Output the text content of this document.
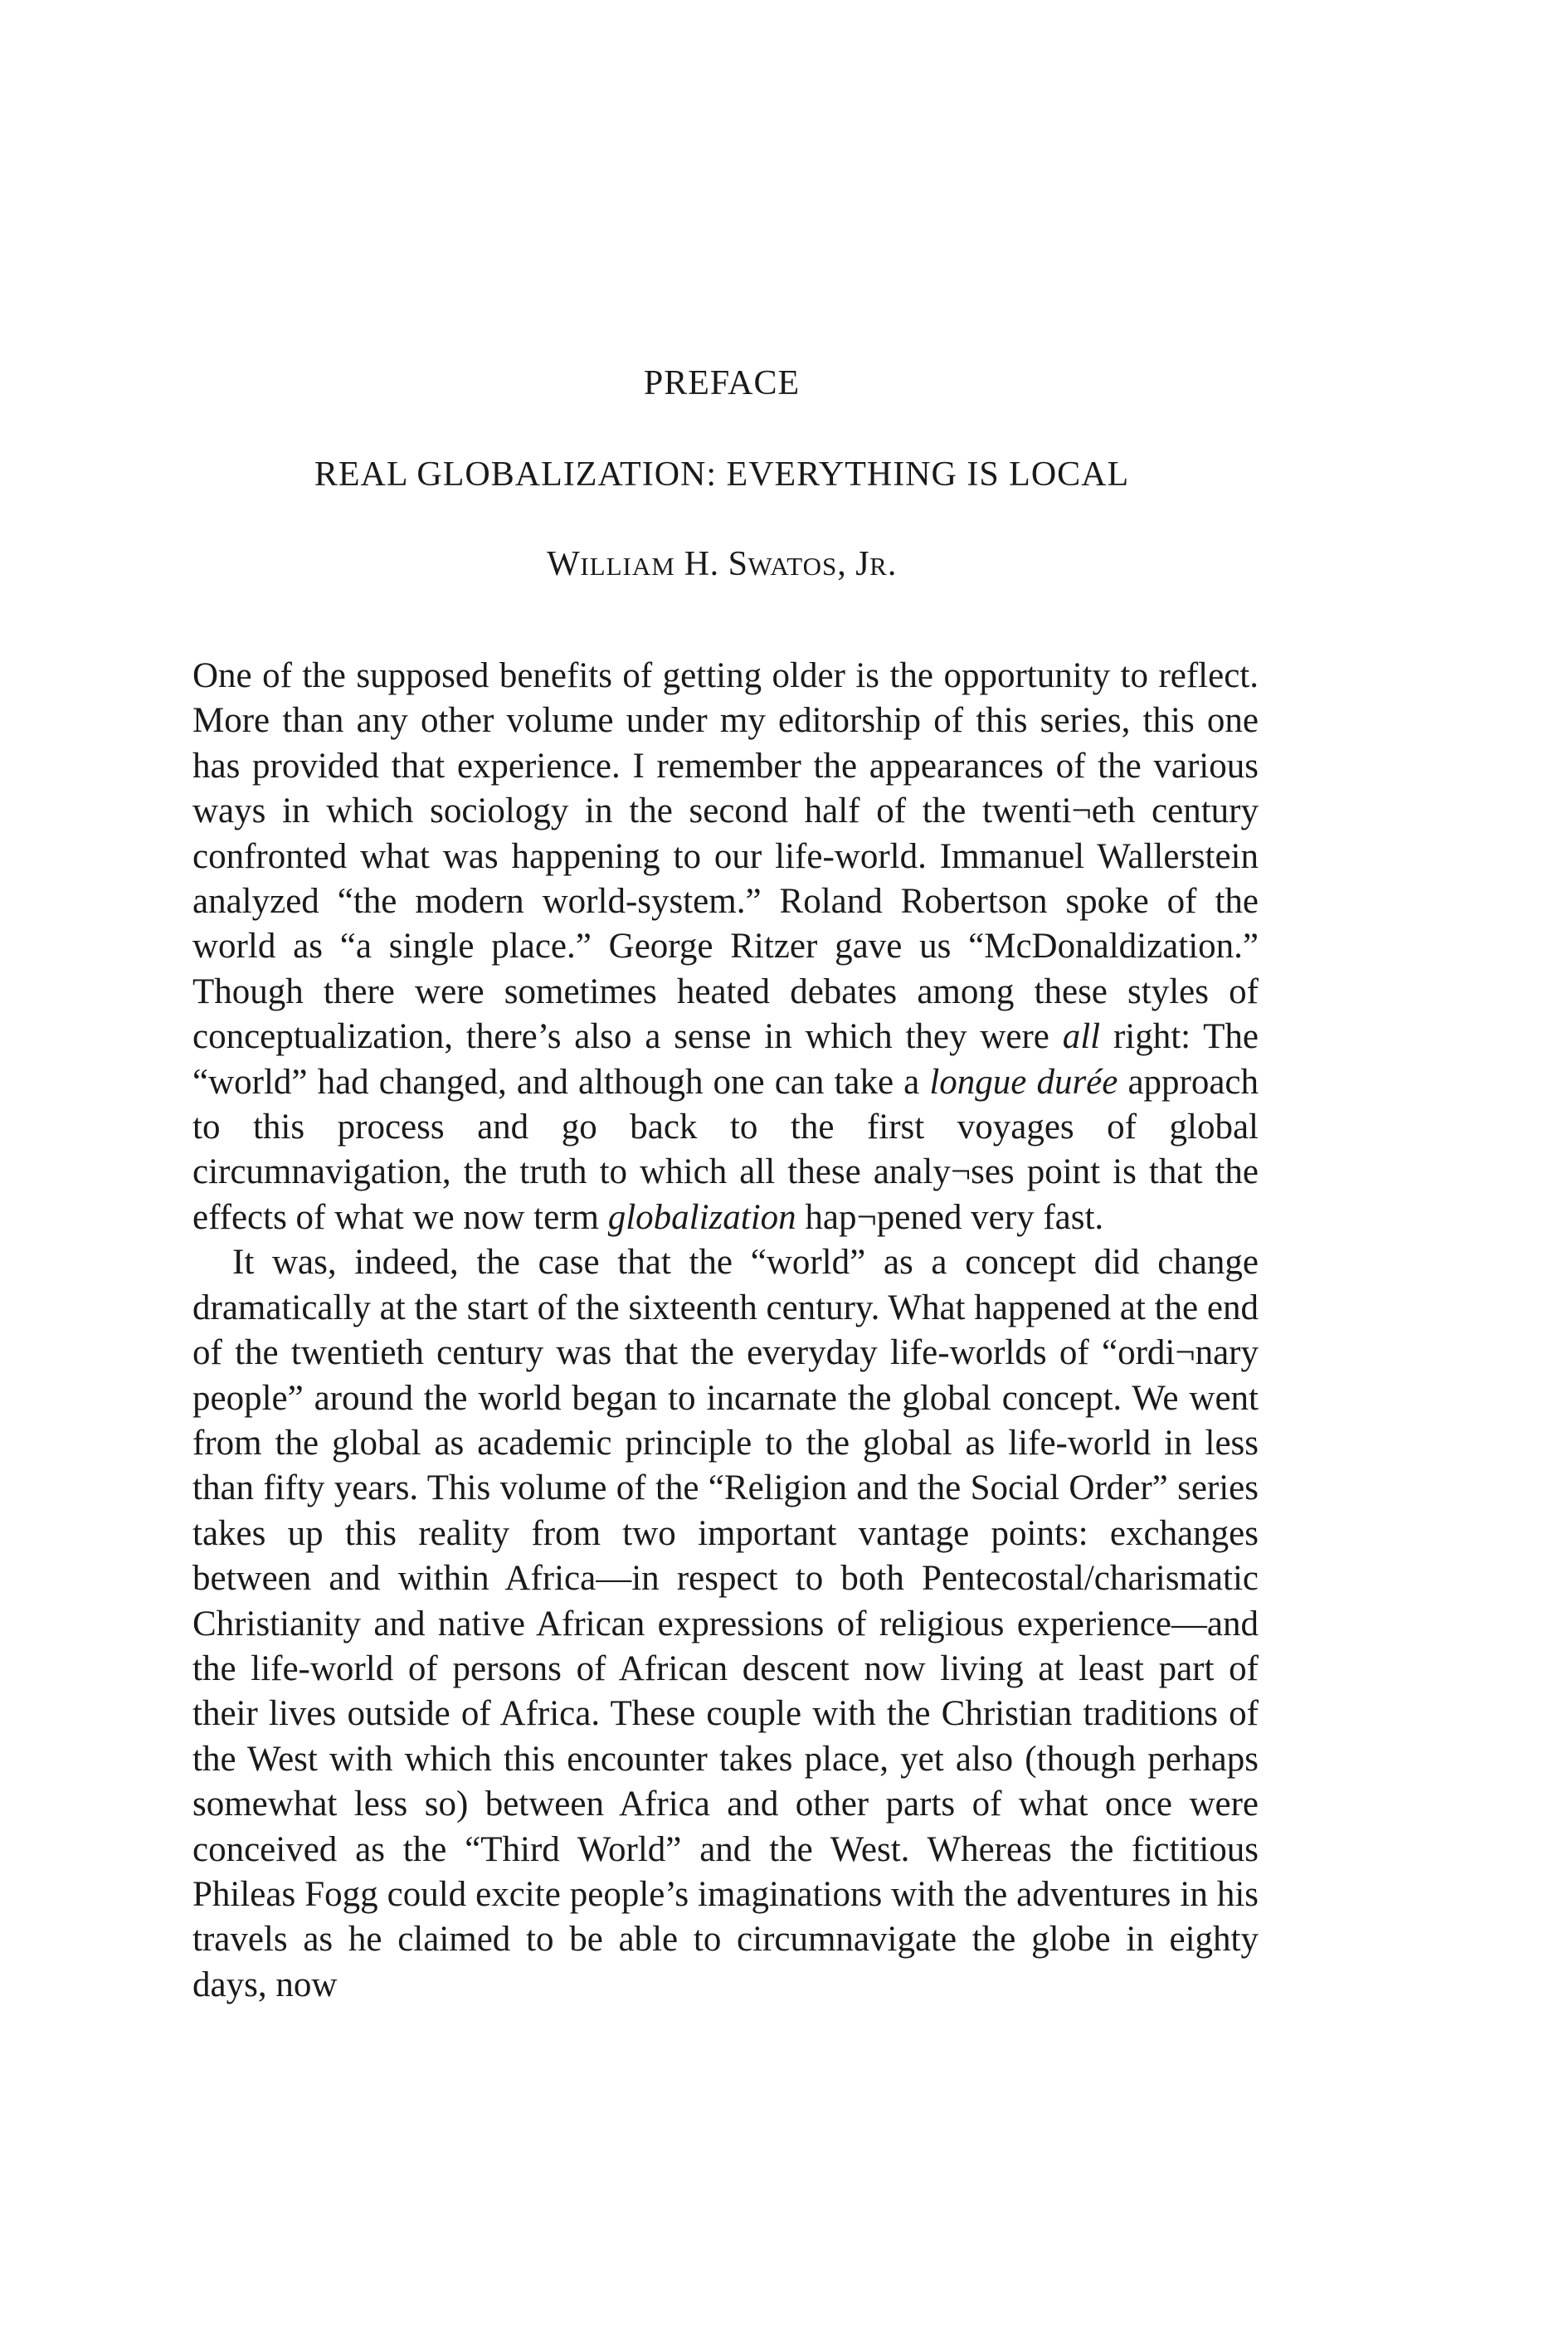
PREFACE
REAL GLOBALIZATION: EVERYTHING IS LOCAL
WILLIAM H. SWATOS, JR.

One of the supposed benefits of getting older is the opportunity to reflect. More than any other volume under my editorship of this series, this one has provided that experience. I remember the appearances of the various ways in which sociology in the second half of the twenti¬eth century confronted what was happening to our life-world. Immanuel Wallerstein analyzed “the modern world-system.” Roland Robertson spoke of the world as “a single place.” George Ritzer gave us “McDonaldization.” Though there were sometimes heated debates among these styles of conceptualization, there’s also a sense in which they were all right: The “world” had changed, and although one can take a longue durée approach to this process and go back to the first voyages of global circumnavigation, the truth to which all these analy¬ses point is that the effects of what we now term globalization hap¬pened very fast.

It was, indeed, the case that the “world” as a concept did change dramatically at the start of the sixteenth century. What happened at the end of the twentieth century was that the everyday life-worlds of “ordi¬nary people” around the world began to incarnate the global concept. We went from the global as academic principle to the global as life-world in less than fifty years. This volume of the “Religion and the Social Order” series takes up this reality from two important vantage points: exchanges between and within Africa—in respect to both Pentecostal/charismatic Christianity and native African expressions of religious experience—and the life-world of persons of African descent now living at least part of their lives outside of Africa. These couple with the Christian traditions of the West with which this encounter takes place, yet also (though perhaps somewhat less so) between Africa and other parts of what once were conceived as the “Third World” and the West. Whereas the fictitious Phileas Fogg could excite people’s imaginations with the adventures in his travels as he claimed to be able to circumnavigate the globe in eighty days, now
